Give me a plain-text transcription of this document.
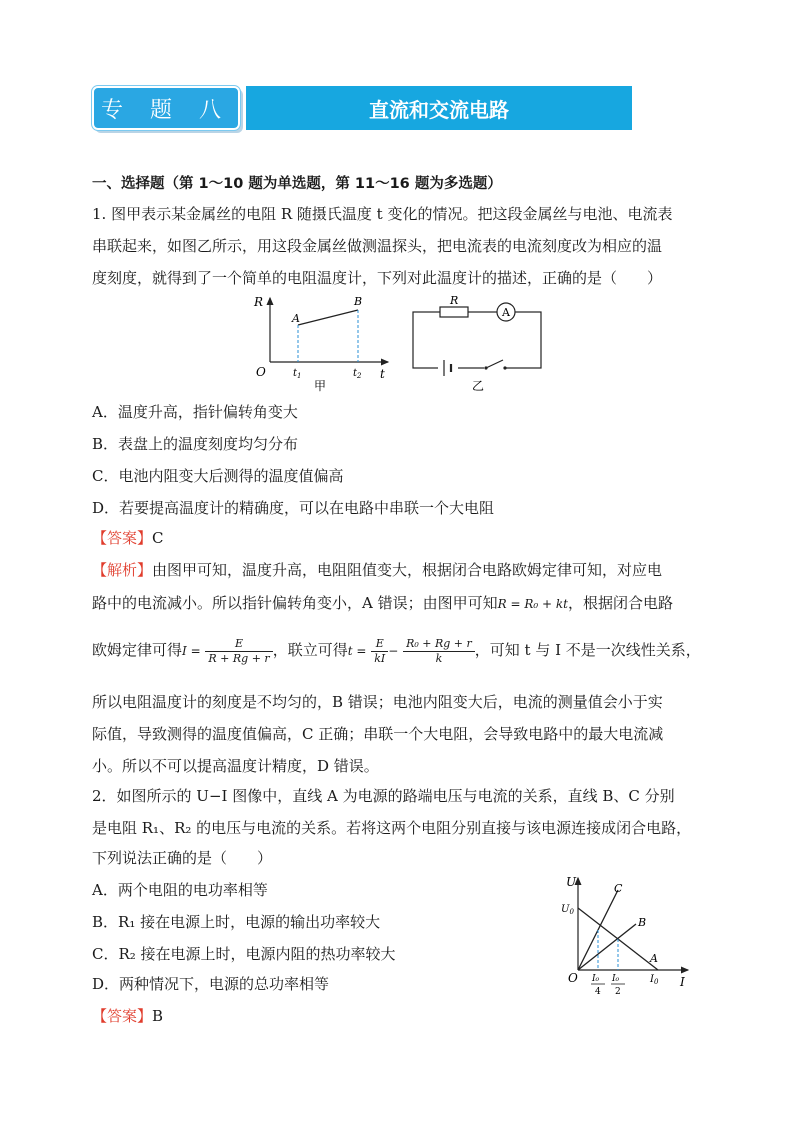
专 题 八	直流和交流电路
一、选择题（第 1～10 题为单选题，第 11～16 题为多选题）
1. 图甲表示某金属丝的电阻 R 随摄氏温度 t 变化的情况。把这段金属丝与电池、电流表
串联起来，如图乙所示，用这段金属丝做测温探头，把电流表的电流刻度改为相应的温
度刻度，就得到了一个简单的电阻温度计，下列对此温度计的描述，正确的是（　　）
R
t
O
A
B
$t_1$	$t_2$
甲
R
A
乙
A．温度升高，指针偏转角变大
B．表盘上的温度刻度均匀分布
C．电池内阻变大后测得的温度值偏高
D．若要提高温度计的精确度，可以在电路中串联一个大电阻
【答案】C
【解析】由图甲可知，温度升高，电阻阻值变大，根据闭合电路欧姆定律可知，对应电
路中的电流减小。所以指针偏转角变小，A 错误；由图甲可知R = R₀ + kt，根据闭合电路
欧姆定律可得$I = \frac{E}{R + Rg + r}$ ，联立可得$t = \frac{E}{kI} - \frac{\text{R₀ + Rg + r}}{k}$ ，可知 t 与 I 不是一次线性关系，
所以电阻温度计的刻度是不均匀的，B 错误；电池内阻变大后，电流的测量值会小于实
际值，导致测得的温度值偏高，C 正确；串联一个大电阻，会导致电路中的最大电流减
小。所以不可以提高温度计精度，D 错误。
2．如图所示的 U−I 图像中，直线 A 为电源的路端电压与电流的关系，直线 B、C 分别
是电阻 R₁、R₂ 的电压与电流的关系。若将这两个电阻分别直接与该电源连接成闭合电路，
下列说法正确的是（　　）
A．两个电阻的电功率相等
B．R₁ 接在电源上时，电源的输出功率较大
C．R₂ 接在电源上时，电源内阻的热功率较大
D．两种情况下，电源的总功率相等
【答案】B
U
I
O
$U_0$
$I_0$
C
B
A
I₀
4
I₀
2
